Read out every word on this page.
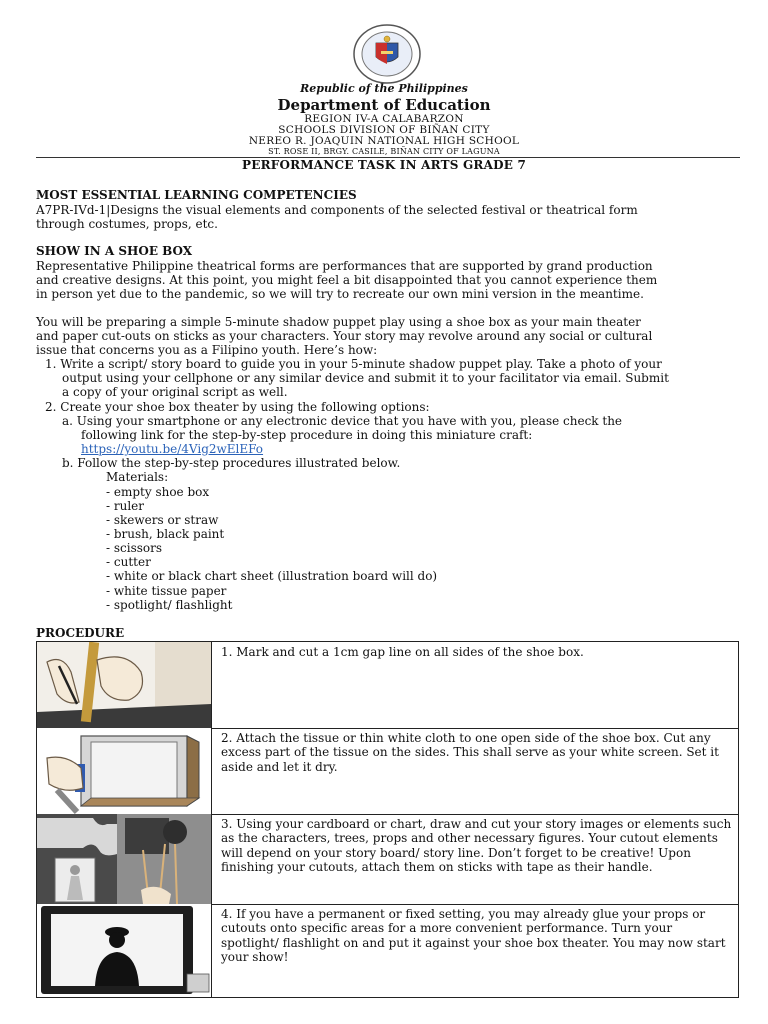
Republic of the Philippines
Department of Education
REGION IV-A CALABARZON
SCHOOLS DIVISION OF BIÑAN CITY
NEREO R. JOAQUIN NATIONAL HIGH SCHOOL
ST. ROSE II, BRGY. CASILE, BIÑAN CITY OF LAGUNA
PERFORMANCE TASK IN ARTS GRADE 7
MOST ESSENTIAL LEARNING COMPETENCIES
A7PR-IVd-1|Designs the visual elements and components of the selected festival or theatrical form
through costumes, props, etc.
SHOW IN A SHOE BOX
Representative Philippine theatrical forms are performances that are supported by grand production
and creative designs. At this point, you might feel a bit disappointed that you cannot experience them
in person yet due to the pandemic, so we will try to recreate our own mini version in the meantime.
You will be preparing a simple 5-minute shadow puppet play using a shoe box as your main theater
and paper cut-outs on sticks as your characters. Your story may revolve around any social or cultural
issue that concerns you as a Filipino youth. Here’s how:
1. Write a script/ story board to guide you in your 5-minute shadow puppet play. Take a photo of your
output using your cellphone or any similar device and submit it to your facilitator via email. Submit
a copy of your original script as well.
2. Create your shoe box theater by using the following options:
a. Using your smartphone or any electronic device that you have with you, please check the
following link for the step-by-step procedure in doing this miniature craft:
https://youtu.be/4Vig2wElEFo
b. Follow the step-by-step procedures illustrated below.
Materials:
- empty shoe box
- ruler
- skewers or straw
- brush, black paint
- scissors
- cutter
- white or black chart sheet (illustration board will do)
- white tissue paper
- spotlight/ flashlight
PROCEDURE
1. Mark and cut a 1cm gap line on all sides of the shoe box.
2. Attach the tissue or thin white cloth to one open side of the shoe box. Cut any excess part of the tissue on the sides. This shall serve as your white screen. Set it aside and let it dry.
3. Using your cardboard or chart, draw and cut your story images or elements such as the characters, trees, props and other necessary figures. Your cutout elements will depend on your story board/ story line. Don’t forget to be creative! Upon finishing your cutouts, attach them on sticks with tape as their handle.
4. If you have a permanent or fixed setting, you may already glue your props or cutouts onto specific areas for a more convenient performance. Turn your spotlight/ flashlight on and put it against your shoe box theater. You may now start your show!
